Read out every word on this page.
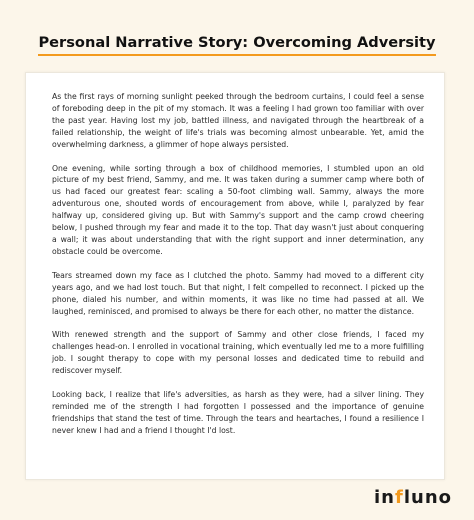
Personal Narrative Story: Overcoming Adversity

As the first rays of morning sunlight peeked through the bedroom curtains, I could feel a sense of foreboding deep in the pit of my stomach. It was a feeling I had grown too familiar with over the past year. Having lost my job, battled illness, and navigated through the heartbreak of a failed relationship, the weight of life's trials was becoming almost unbearable. Yet, amid the overwhelming darkness, a glimmer of hope always persisted.

One evening, while sorting through a box of childhood memories, I stumbled upon an old picture of my best friend, Sammy, and me. It was taken during a summer camp where both of us had faced our greatest fear: scaling a 50-foot climbing wall. Sammy, always the more adventurous one, shouted words of encouragement from above, while I, paralyzed by fear halfway up, considered giving up. But with Sammy's support and the camp crowd cheering below, I pushed through my fear and made it to the top. That day wasn't just about conquering a wall; it was about understanding that with the right support and inner determination, any obstacle could be overcome.

Tears streamed down my face as I clutched the photo. Sammy had moved to a different city years ago, and we had lost touch. But that night, I felt compelled to reconnect. I picked up the phone, dialed his number, and within moments, it was like no time had passed at all. We laughed, reminisced, and promised to always be there for each other, no matter the distance.

With renewed strength and the support of Sammy and other close friends, I faced my challenges head-on. I enrolled in vocational training, which eventually led me to a more fulfilling job. I sought therapy to cope with my personal losses and dedicated time to rebuild and rediscover myself.

Looking back, I realize that life's adversities, as harsh as they were, had a silver lining. They reminded me of the strength I had forgotten I possessed and the importance of genuine friendships that stand the test of time. Through the tears and heartaches, I found a resilience I never knew I had and a friend I thought I'd lost.

influno
